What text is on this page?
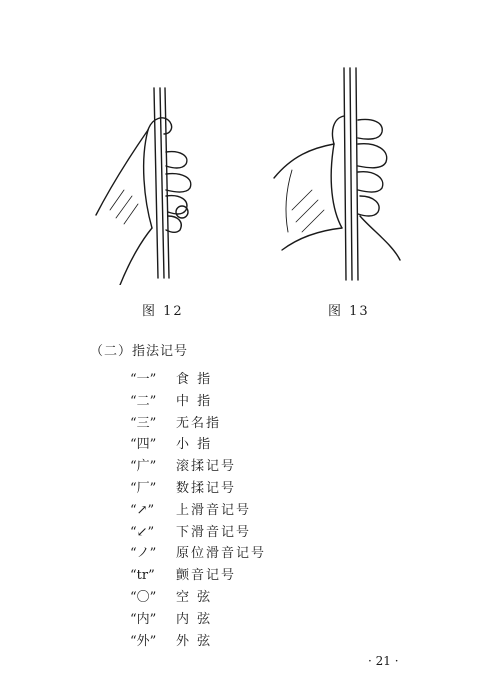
图 12	图 13
（二）指法记号
“一”	食 指
“二”	中 指
“三”	无名指
“四”	小 指
“广”	滚揉记号
“厂”	数揉记号
“↗”	上滑音记号
“↙”	下滑音记号
“ノ”	原位滑音记号
“tr”	颤音记号
“〇”	空 弦
“内”	内 弦
“外”	外 弦
· 21 ·
